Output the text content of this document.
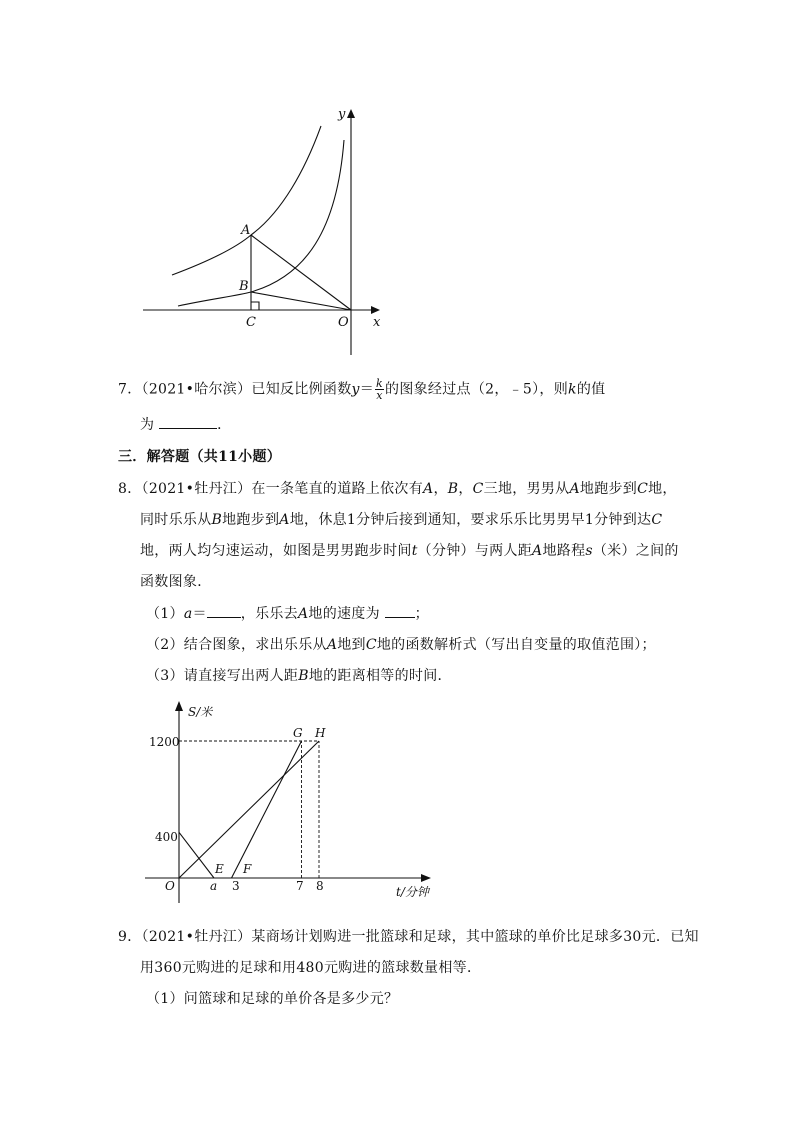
y
x
A
B
C	O
7．（2021•哈尔滨）已知反比例函数$y= \frac{k}{x}$ 的图象经过点（2，﹣5），则k的值
为	．
三．解答题（共11小题）
8．（2021•牡丹江）在一条笔直的道路上依次有A，B，C三地，男男从A地跑步到C地，
同时乐乐从B地跑步到A地，休息1分钟后接到通知，要求乐乐比男男早1分钟到达C
地，两人均匀速运动，如图是男男跑步时间t（分钟）与两人距A地路程s（米）之间的
函数图象．
（1）a＝ ，乐乐去A地的速度为 ；
（2）结合图象，求出乐乐从A地到C地的函数解析式（写出自变量的取值范围）；
（3）请直接写出两人距B地的距离相等的时间．
S/米
t/分钟
O
1200
400
a 3	7 8
E F
G H
9．（2021•牡丹江）某商场计划购进一批篮球和足球，其中篮球的单价比足球多30元．已知
用360元购进的足球和用480元购进的篮球数量相等．
（1）问篮球和足球的单价各是多少元？
